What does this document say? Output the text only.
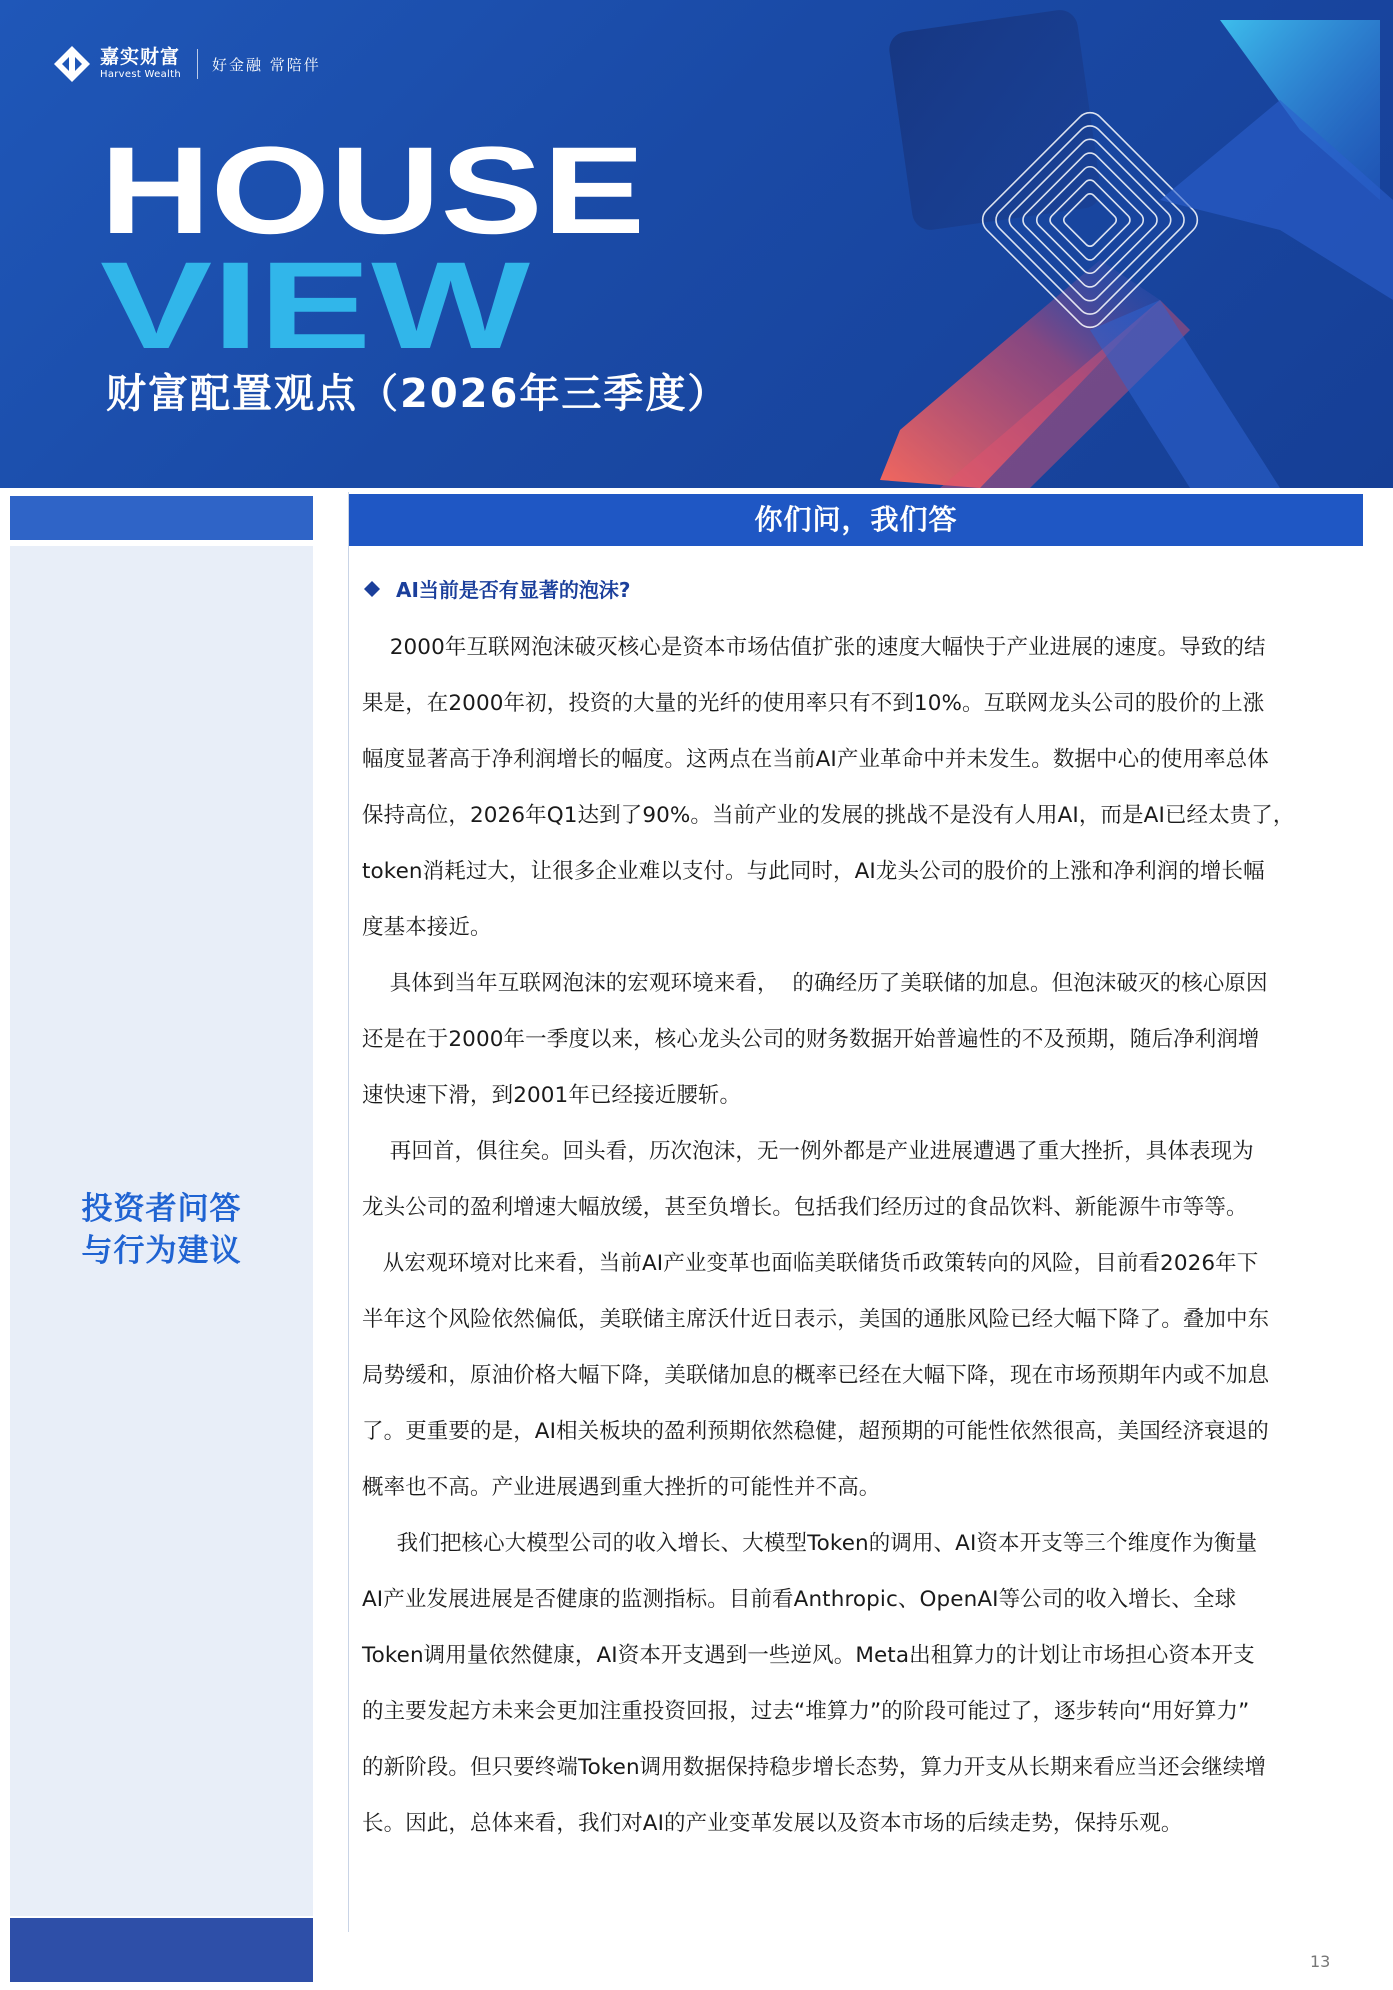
嘉实财富
Harvest Wealth
好金融 常陪伴
HOUSE
VIEW
财富配置观点（2026年三季度）
投资者问答
与行为建议
你们问，我们答
AI当前是否有显著的泡沫?

2000年互联网泡沫破灭核心是资本市场估值扩张的速度大幅快于产业进展的速度。导致的结

果是，在2000年初，投资的大量的光纤的使用率只有不到10%。互联网龙头公司的股价的上涨

幅度显著高于净利润增长的幅度。这两点在当前AI产业革命中并未发生。数据中心的使用率总体

保持高位，2026年Q1达到了90%。当前产业的发展的挑战不是没有人用AI，而是AI已经太贵了，

token消耗过大，让很多企业难以支付。与此同时，AI龙头公司的股价的上涨和净利润的增长幅

度基本接近。

具体到当年互联网泡沫的宏观环境来看，  的确经历了美联储的加息。但泡沫破灭的核心原因

还是在于2000年一季度以来，核心龙头公司的财务数据开始普遍性的不及预期，随后净利润增

速快速下滑，到2001年已经接近腰斩。

再回首，俱往矣。回头看，历次泡沫，无一例外都是产业进展遭遇了重大挫折，具体表现为

龙头公司的盈利增速大幅放缓，甚至负增长。包括我们经历过的食品饮料、新能源牛市等等。

从宏观环境对比来看，当前AI产业变革也面临美联储货币政策转向的风险，目前看2026年下

半年这个风险依然偏低，美联储主席沃什近日表示，美国的通胀风险已经大幅下降了。叠加中东

局势缓和，原油价格大幅下降，美联储加息的概率已经在大幅下降，现在市场预期年内或不加息

了。更重要的是，AI相关板块的盈利预期依然稳健，超预期的可能性依然很高，美国经济衰退的

概率也不高。产业进展遇到重大挫折的可能性并不高。

我们把核心大模型公司的收入增长、大模型Token的调用、AI资本开支等三个维度作为衡量

AI产业发展进展是否健康的监测指标。目前看Anthropic、OpenAI等公司的收入增长、全球

Token调用量依然健康，AI资本开支遇到一些逆风。Meta出租算力的计划让市场担心资本开支

的主要发起方未来会更加注重投资回报，过去“堆算力”的阶段可能过了，逐步转向“用好算力”

的新阶段。但只要终端Token调用数据保持稳步增长态势，算力开支从长期来看应当还会继续增

长。因此，总体来看，我们对AI的产业变革发展以及资本市场的后续走势，保持乐观。

13
